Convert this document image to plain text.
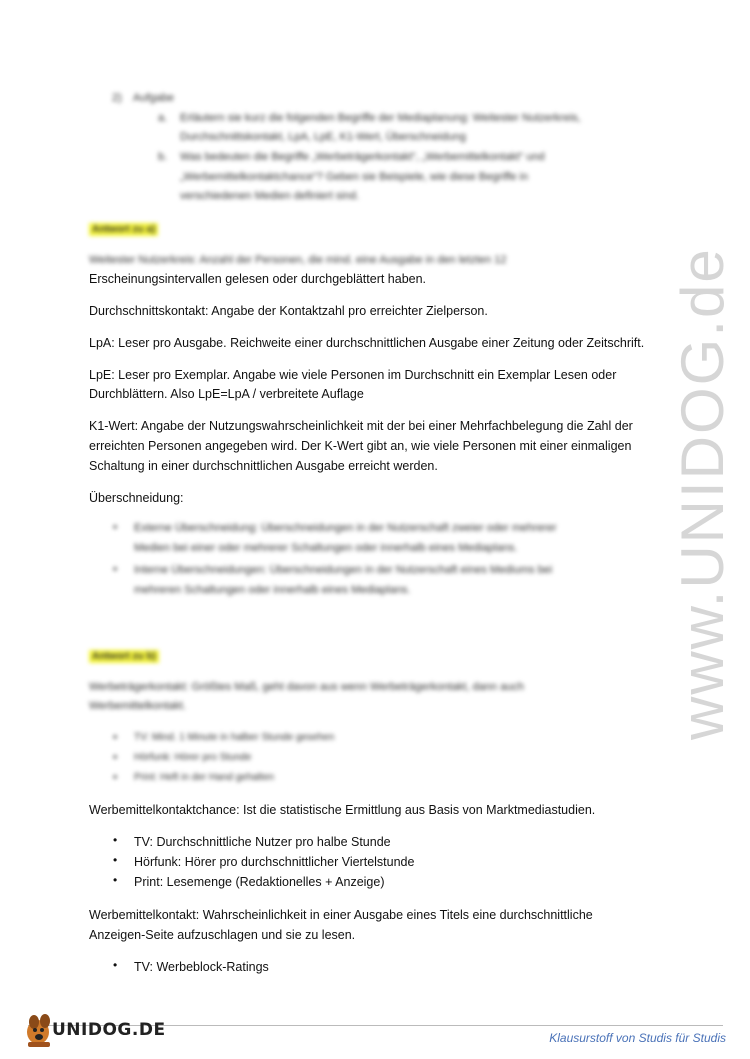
2) Aufgabe
a. Erläutern sie kurz die folgenden Begriffe der Mediaplanung: Weitester Nutzerkreis,
Durchschnittskontakt, LpA, LpE, K1-Wert, Überschneidung
b. Was bedeuten die Begriffe „Werbeträgerkontakt“, „Werbemittelkontakt“ und
„Werbemittelkontaktchance“? Geben sie Beispiele, wie diese Begriffe in
verschiedenen Medien definiert sind.
Antwort zu a)
Weitester Nutzerkreis: Anzahl der Personen, die mind. eine Ausgabe in den letzten 12
Erscheinungsintervallen gelesen oder durchgeblättert haben.
Durchschnittskontakt: Angabe der Kontaktzahl pro erreichter Zielperson.
LpA: Leser pro Ausgabe. Reichweite einer durchschnittlichen Ausgabe einer Zeitung oder Zeitschrift.
LpE: Leser pro Exemplar. Angabe wie viele Personen im Durchschnitt ein Exemplar Lesen oder
Durchblättern. Also LpE=LpA / verbreitete Auflage
K1-Wert: Angabe der Nutzungswahrscheinlichkeit mit der bei einer Mehrfachbelegung die Zahl der
erreichten Personen angegeben wird. Der K-Wert gibt an, wie viele Personen mit einer einmaligen
Schaltung in einer durchschnittlichen Ausgabe erreicht werden.
Überschneidung:
• Externe Überschneidung: Überschneidungen in der Nutzerschaft zweier oder mehrerer
Medien bei einer oder mehrerer Schaltungen oder innerhalb eines Mediaplans.
• Interne Überschneidungen: Überschneidungen in der Nutzerschaft eines Mediums bei
mehreren Schaltungen oder innerhalb eines Mediaplans.
Antwort zu b)
Werbeträgerkontakt: Größtes Maß, geht davon aus wenn Werbeträgerkontakt, dann auch
Werbemittelkontakt.
• TV: Mind. 1 Minute in halber Stunde gesehen
• Hörfunk: Hörer pro Stunde
• Print: Heft in der Hand gehalten
Werbemittelkontaktchance: Ist die statistische Ermittlung aus Basis von Marktmediastudien.
• TV: Durchschnittliche Nutzer pro halbe Stunde
• Hörfunk: Hörer pro durchschnittlicher Viertelstunde
• Print: Lesemenge (Redaktionelles + Anzeige)
Werbemittelkontakt: Wahrscheinlichkeit in einer Ausgabe eines Titels eine durchschnittliche
Anzeigen-Seite aufzuschlagen und sie zu lesen.
• TV: Werbeblock-Ratings
www.UNIDOG.de
UNIDOG.DE	Klausurstoff von Studis für Studis
